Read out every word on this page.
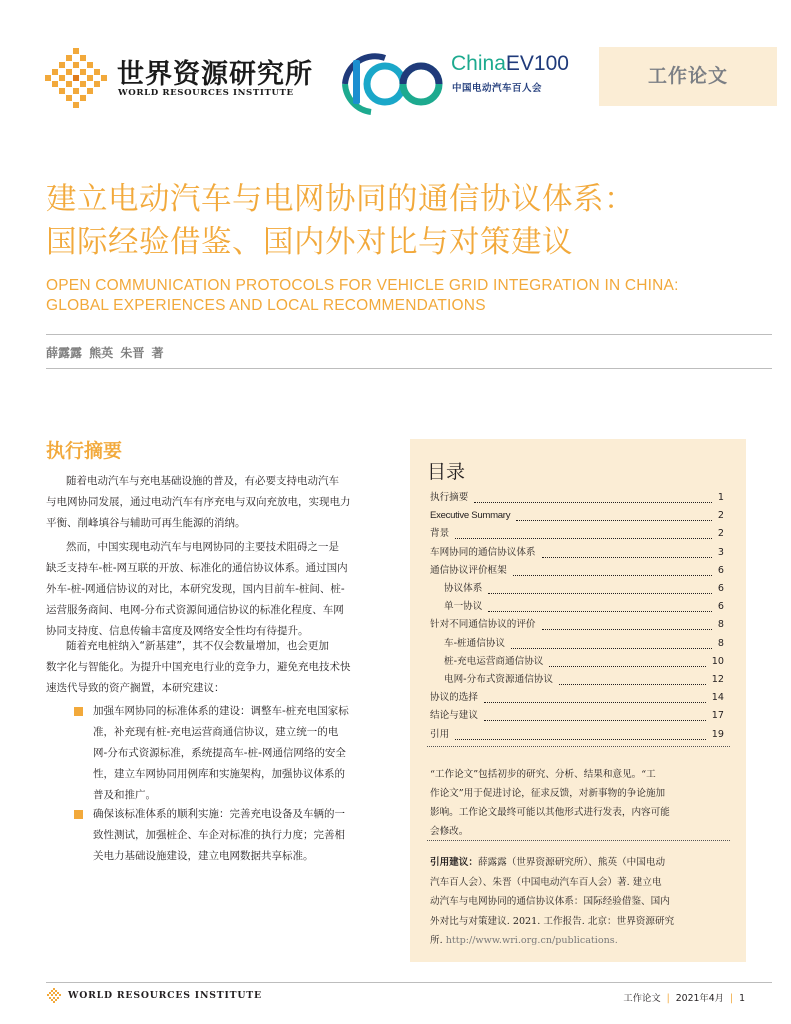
世界资源研究所
WORLD RESOURCES INSTITUTE
ChinaEV100
中国电动汽车百人会
工作论文
建立电动汽车与电网协同的通信协议体系：
国际经验借鉴、国内外对比与对策建议
OPEN COMMUNICATION PROTOCOLS FOR VEHICLE GRID INTEGRATION IN CHINA:
GLOBAL EXPERIENCES AND LOCAL RECOMMENDATIONS
薛露露 熊英 朱晋 著
执行摘要
随着电动汽车与充电基础设施的普及，有必要支持电动汽车
与电网协同发展，通过电动汽车有序充电与双向充放电，实现电力
平衡、削峰填谷与辅助可再生能源的消纳。
然而，中国实现电动汽车与电网协同的主要技术阻碍之一是
缺乏支持车-桩-网互联的开放、标准化的通信协议体系。通过国内
外车-桩-网通信协议的对比，本研究发现，国内目前车-桩间、桩-
运营服务商间、电网-分布式资源间通信协议的标准化程度、车网
协同支持度、信息传输丰富度及网络安全性均有待提升。
随着充电桩纳入“新基建”，其不仅会数量增加，也会更加
数字化与智能化。为提升中国充电行业的竞争力，避免充电技术快
速迭代导致的资产搁置，本研究建议：
加强车网协同的标准体系的建设：调整车-桩充电国家标
准，补充现有桩-充电运营商通信协议，建立统一的电
网-分布式资源标准，系统提高车-桩-网通信网络的安全
性，建立车网协同用例库和实施架构，加强协议体系的
普及和推广。
确保该标准体系的顺利实施：完善充电设备及车辆的一
致性测试，加强桩企、车企对标准的执行力度；完善相
关电力基础设施建设，建立电网数据共享标准。
目录
执行摘要	1
Executive Summary	2
背景	2
车网协同的通信协议体系	3
通信协议评价框架	6
协议体系	6
单一协议	6
针对不同通信协议的评价	8
车-桩通信协议	8
桩-充电运营商通信协议	10
电网-分布式资源通信协议	12
协议的选择	14
结论与建议	17
引用	19
“工作论文”包括初步的研究、分析、结果和意见。“工
作论文”用于促进讨论，征求反馈，对新事物的争论施加
影响。工作论文最终可能以其他形式进行发表，内容可能
会修改。
引用建议：薛露露（世界资源研究所）、熊英（中国电动
汽车百人会）、朱晋（中国电动汽车百人会）著. 建立电
动汽车与电网协同的通信协议体系：国际经验借鉴、国内
外对比与对策建议. 2021. 工作报告. 北京：世界资源研究
所. http://www.wri.org.cn/publications.
WORLD RESOURCES INSTITUTE	工作论文 | 2021年4月 | 1
